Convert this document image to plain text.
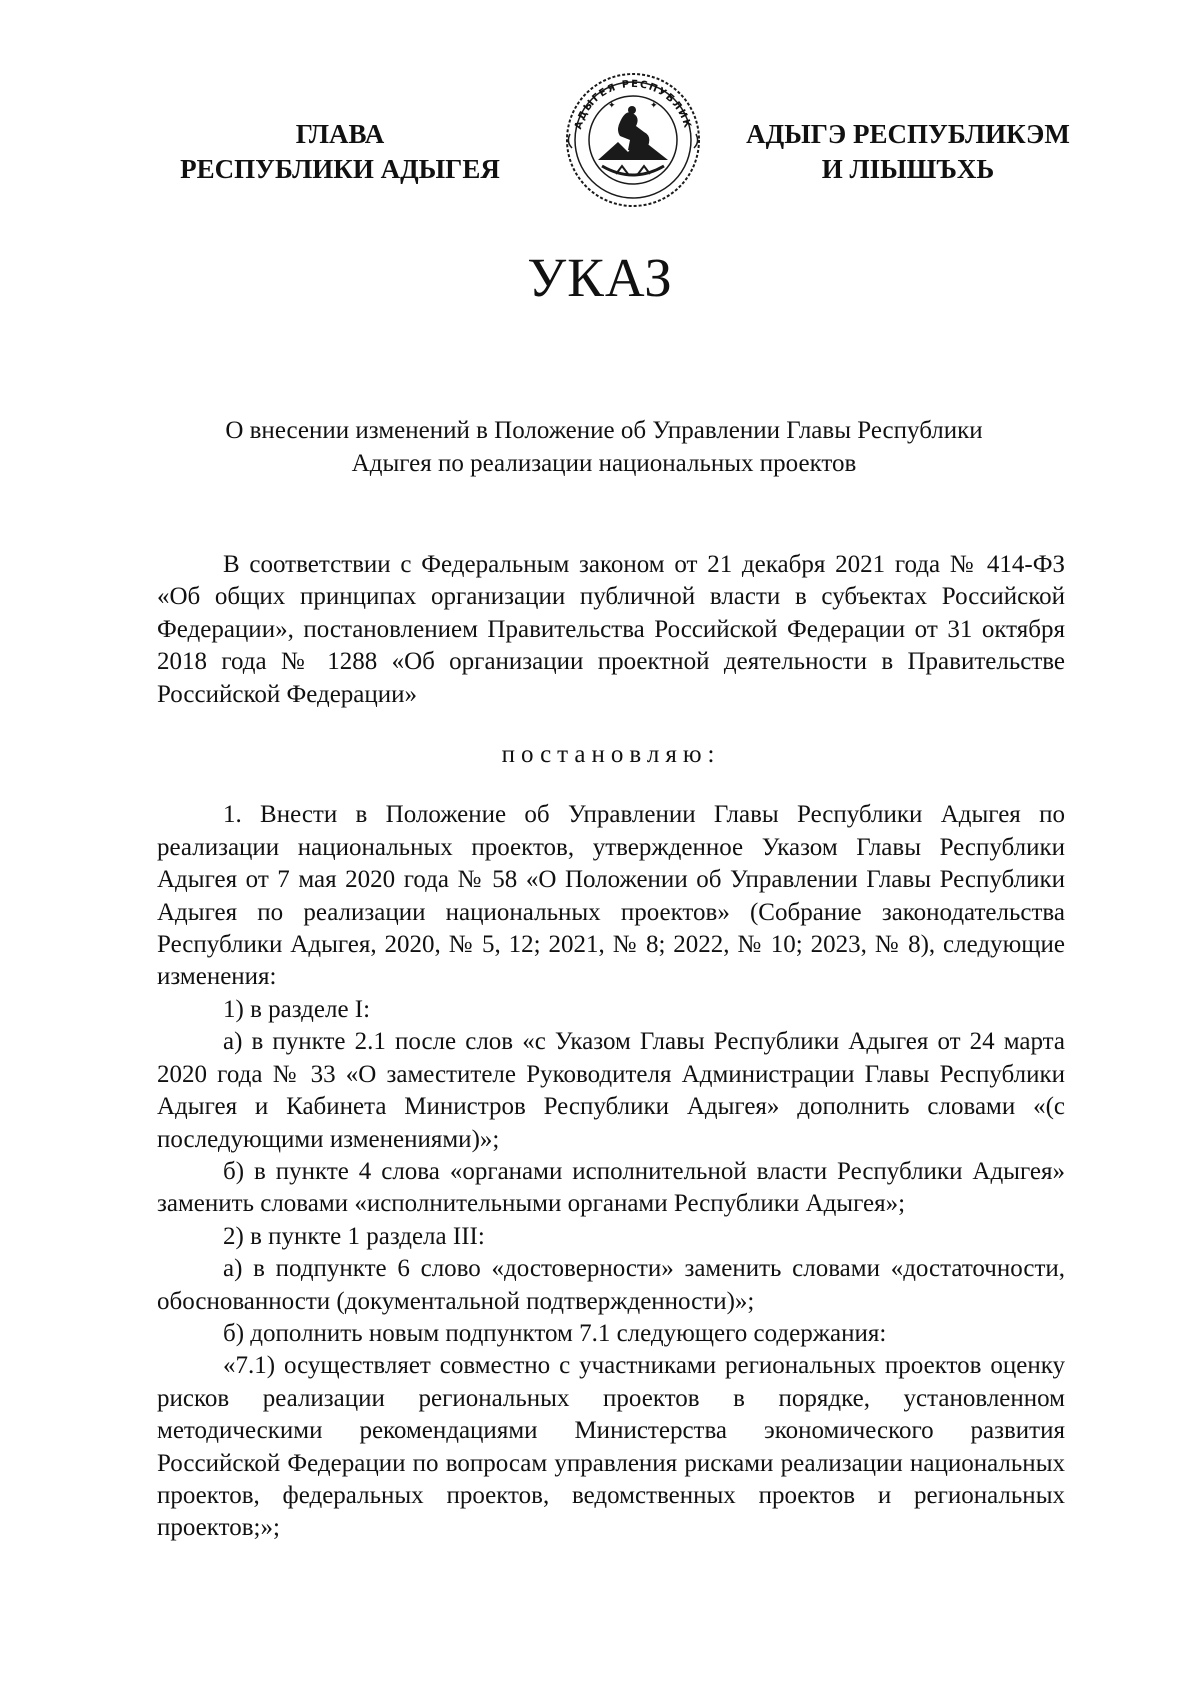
ГЛАВА
РЕСПУБЛИКИ АДЫГЕЯ
АДЫГЕЯ РЕСПУБЛИК
✦	✦
АДЫГЭ РЕСПУБЛИКЭМ
И ЛІЫШЪХЬ
УКАЗ
О внесении изменений в Положение об Управлении Главы Республики
Адыгея по реализации национальных проектов

В соответствии с Федеральным законом от 21 декабря 2021 года № 414-ФЗ «Об общих принципах организации публичной власти в субъектах Российской Федерации», постановлением Правительства Российской Федерации от 31 октября 2018 года № 1288 «Об организации проектной деятельности в Правительстве Российской Федерации»

постановляю:

1. Внести в Положение об Управлении Главы Республики Адыгея по реализации национальных проектов, утвержденное Указом Главы Республики Адыгея от 7 мая 2020 года № 58 «О Положении об Управлении Главы Республики Адыгея по реализации национальных проектов» (Собрание законодательства Республики Адыгея, 2020, № 5, 12; 2021, № 8; 2022, № 10; 2023, № 8), следующие изменения:

1) в разделе I:

а) в пункте 2.1 после слов «с Указом Главы Республики Адыгея от 24 марта 2020 года № 33 «О заместителе Руководителя Администрации Главы Республики Адыгея и Кабинета Министров Республики Адыгея» дополнить словами «(с последующими изменениями)»;

б) в пункте 4 слова «органами исполнительной власти Республики Адыгея» заменить словами «исполнительными органами Республики Адыгея»;

2) в пункте 1 раздела III:

а) в подпункте 6 слово «достоверности» заменить словами «достаточности, обоснованности (документальной подтвержденности)»;

б) дополнить новым подпунктом 7.1 следующего содержания:

«7.1) осуществляет совместно с участниками региональных проектов оценку рисков реализации региональных проектов в порядке, установленном методическими рекомендациями Министерства экономического развития Российской Федерации по вопросам управления рисками реализации национальных проектов, федеральных проектов, ведомственных проектов и региональных проектов;»;
